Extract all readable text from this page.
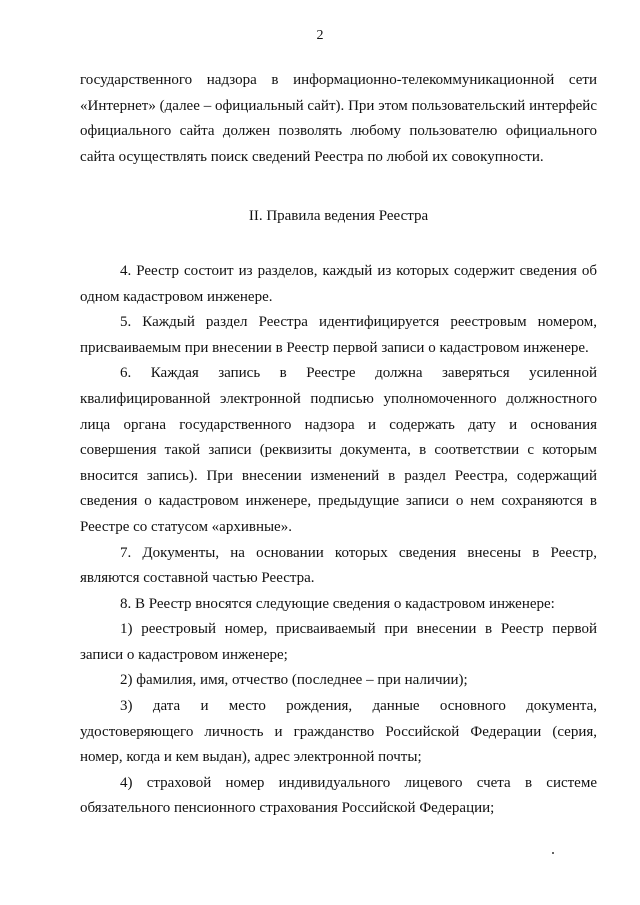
2

государственного надзора в информационно-телекоммуникационной сети «Интернет» (далее – официальный сайт). При этом пользовательский интерфейс официального сайта должен позволять любому пользователю официального сайта осуществлять поиск сведений Реестра по любой их совокупности.

II. Правила ведения Реестра

4. Реестр состоит из разделов, каждый из которых содержит сведения об одном кадастровом инженере.

5. Каждый раздел Реестра идентифицируется реестровым номером, присваиваемым при внесении в Реестр первой записи о кадастровом инженере.

6. Каждая запись в Реестре должна заверяться усиленной квалифицированной электронной подписью уполномоченного должностного лица органа государственного надзора и содержать дату и основания совершения такой записи (реквизиты документа, в соответствии с которым вносится запись). При внесении изменений в раздел Реестра, содержащий сведения о кадастровом инженере, предыдущие записи о нем сохраняются в Реестре со статусом «архивные».

7. Документы, на основании которых сведения внесены в Реестр, являются составной частью Реестра.

8. В Реестр вносятся следующие сведения о кадастровом инженере:

1) реестровый номер, присваиваемый при внесении в Реестр первой записи о кадастровом инженере;

2) фамилия, имя, отчество (последнее – при наличии);

3) дата и место рождения, данные основного документа, удостоверяющего личность и гражданство Российской Федерации (серия, номер, когда и кем выдан), адрес электронной почты;

4) страховой номер индивидуального лицевого счета в системе обязательного пенсионного страхования Российской Федерации;
